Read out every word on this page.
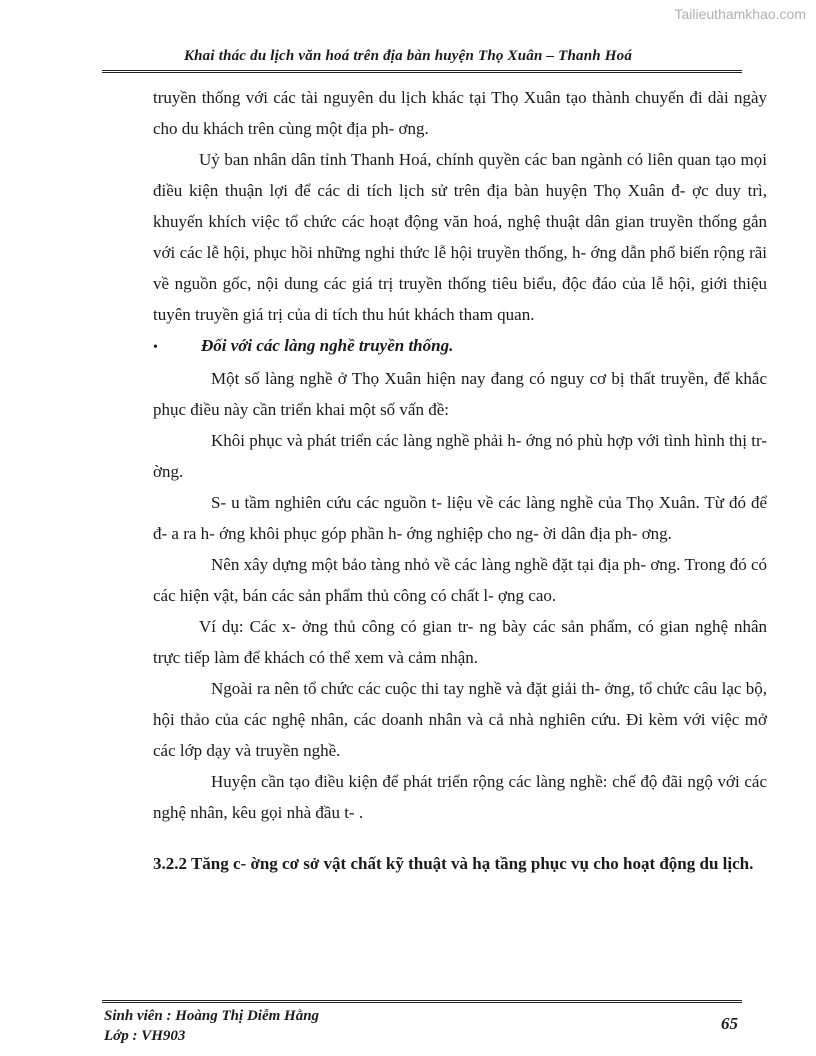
Tailieuthamkhao.com
Khai thác du lịch văn hoá trên địa bàn huyện Thọ Xuân – Thanh Hoá

truyền thống với các tài nguyên du lịch khác tại Thọ Xuân tạo thành chuyến đi dài ngày cho du khách trên cùng một địa ph- ơng.

Uỷ ban nhân dân tỉnh Thanh Hoá, chính quyền các ban ngành có liên quan tạo mọi điều kiện thuận lợi để các di tích lịch sử trên địa bàn huyện Thọ Xuân đ- ợc duy trì, khuyến khích việc tổ chức các hoạt động văn hoá, nghệ thuật dân gian truyền thống gắn với các lễ hội, phục hồi những nghi thức lễ hội truyền thống, h- ớng dẫn phổ biến rộng rãi về nguồn gốc, nội dung các giá trị truyền thống tiêu biểu, độc đáo của lễ hội, giới thiệu tuyên truyền giá trị của di tích thu hút khách tham quan.

•	Đối với các làng nghề truyền thống.

Một số làng nghề ở Thọ Xuân hiện nay đang có nguy cơ bị thất truyền, để khắc phục điều này cần triển khai một số vấn đề:

Khôi phục và phát triển các làng nghề phải h- ớng nó phù hợp với tình hình thị tr- ờng.

S- u tầm nghiên cứu các nguồn t- liệu về các làng nghề của Thọ Xuân. Từ đó để đ- a ra h- ớng khôi phục góp phần h- ớng nghiệp cho ng- ời dân địa ph- ơng.

Nên xây dựng một bảo tàng nhỏ về các làng nghề đặt tại địa ph- ơng. Trong đó có các hiện vật, bán các sản phẩm thủ công có chất l- ợng cao.

Ví dụ: Các x- ởng thủ công có gian tr- ng bày các sản phẩm, có gian nghệ nhân trực tiếp làm để khách có thể xem và cảm nhận.

Ngoài ra nên tổ chức các cuộc thi tay nghề và đặt giải th- ởng, tổ chức câu lạc bộ, hội thảo của các nghệ nhân, các doanh nhân và cả nhà nghiên cứu. Đi kèm với việc mở các lớp dạy và truyền nghề.

Huyện cần tạo điều kiện để phát triển rộng các làng nghề: chế độ đãi ngộ với các nghệ nhân, kêu gọi nhà đầu t- .

3.2.2 Tăng c- ờng cơ sở vật chất kỹ thuật và hạ tầng phục vụ cho hoạt động du lịch.

Sinh viên : Hoàng Thị Diễm Hằng
Lớp : VH903
65
